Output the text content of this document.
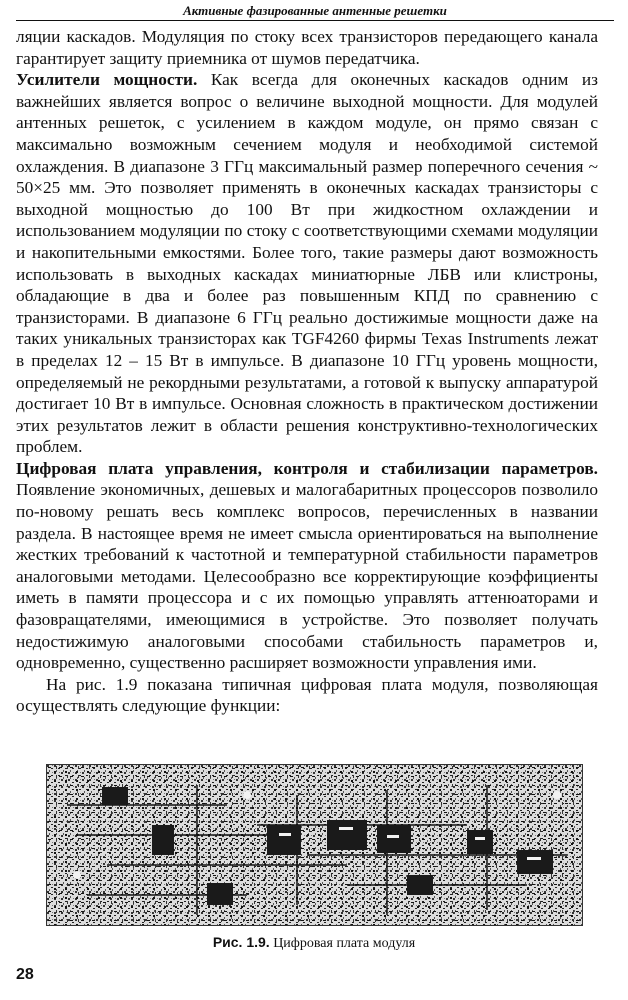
Активные фазированные антенные решетки

ляции каскадов. Модуляция по стоку всех транзисторов передающего канала гарантирует защиту приемника от шумов передатчика.

Усилители мощности. Как всегда для оконечных каскадов одним из важнейших является вопрос о величине выходной мощности. Для модулей антенных решеток, с усилением в каждом модуле, он прямо связан с максимально возможным сечением модуля и необходимой системой охлаждения. В диапазоне 3 ГГц максимальный размер поперечного сечения ~ 50×25 мм. Это позволяет применять в оконечных каскадах транзисторы с выходной мощностью до 100 Вт при жидкостном охлаждении и использованием модуляции по стоку с соответствующими схемами модуляции и накопительными емкостями. Более того, такие размеры дают возможность использовать в выходных каскадах миниатюрные ЛБВ или клистроны, обладающие в два и более раз повышенным КПД по сравнению с транзисторами. В диапазоне 6 ГГц реально достижимые мощности даже на таких уникальных транзисторах как TGF4260 фирмы Texas Instruments лежат в пределах 12 – 15 Вт в импульсе. В диапазоне 10 ГГц уровень мощности, определяемый не рекордными результатами, а готовой к выпуску аппаратурой достигает 10 Вт в импульсе. Основная сложность в практическом достижении этих результатов лежит в области решения конструктивно-технологических проблем.

Цифровая плата управления, контроля и стабилизации параметров. Появление экономичных, дешевых и малогабаритных процессоров позволило по-новому решать весь комплекс вопросов, перечисленных в названии раздела. В настоящее время не имеет смысла ориентироваться на выполнение жестких требований к частотной и температурной стабильности параметров аналоговыми методами. Целесообразно все корректирующие коэффициенты иметь в памяти процессора и с их помощью управлять аттенюаторами и фазовращателями, имеющимися в устройстве. Это позволяет получать недостижимую аналоговыми способами стабильность параметров и, одновременно, существенно расширяет возможности управления ими.

На рис. 1.9 показана типичная цифровая плата модуля, позволяющая осуществлять следующие функции:

Рис. 1.9. Цифровая плата модуля
28
